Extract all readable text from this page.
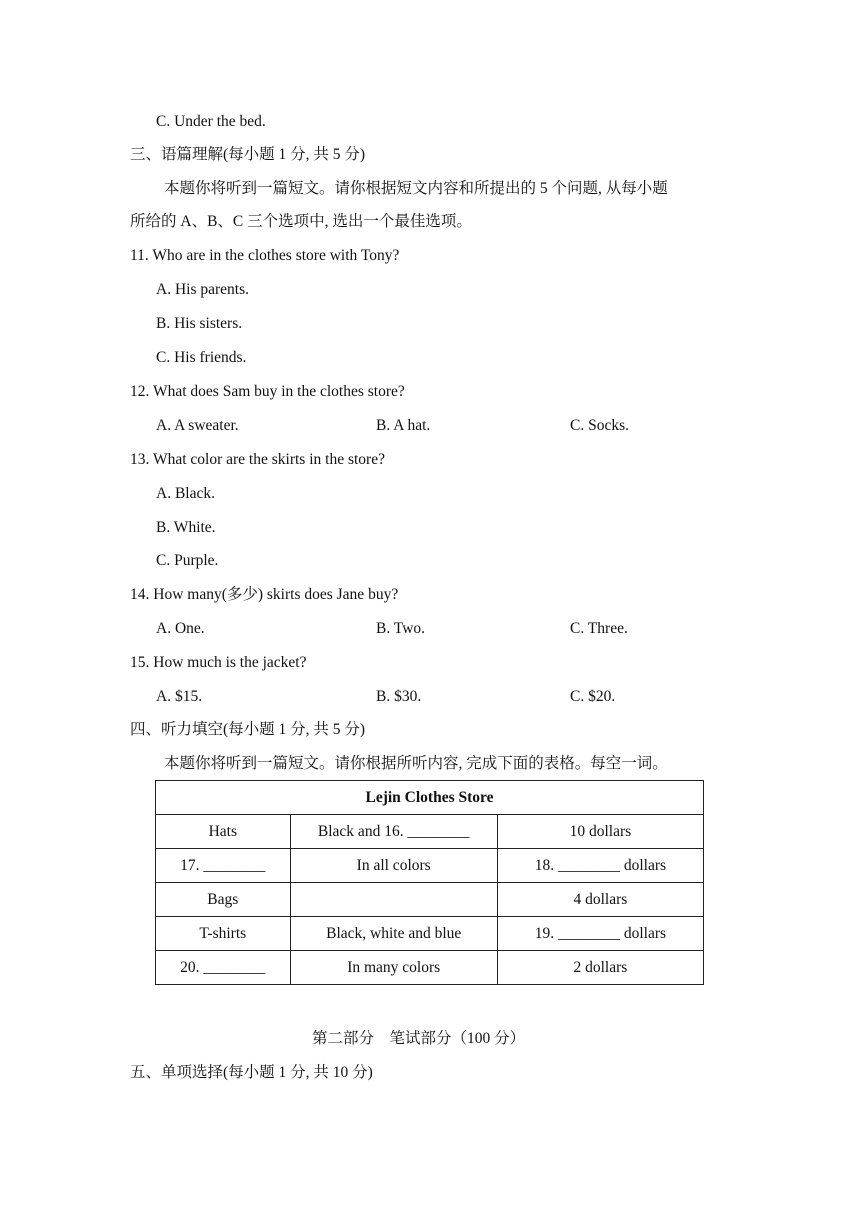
C. Under the bed.
三、语篇理解(每小题 1 分, 共 5 分)
本题你将听到一篇短文。请你根据短文内容和所提出的 5 个问题, 从每小题
所给的 A、B、C 三个选项中, 选出一个最佳选项。
11. Who are in the clothes store with Tony?
A. His parents.
B. His sisters.
C. His friends.
12. What does Sam buy in the clothes store?
A. A sweater.	B. A hat.	C. Socks.
13. What color are the skirts in the store?
A. Black.
B. White.
C. Purple.
14. How many(多少) skirts does Jane buy?
A. One.	B. Two.	C. Three.
15. How much is the jacket?
A. $15.	B. $30.	C. $20.
四、听力填空(每小题 1 分, 共 5 分)
本题你将听到一篇短文。请你根据所听内容, 完成下面的表格。每空一词。
Lejin Clothes Store		
Hats	Black and 16. ________	10 dollars
17. ________	In all colors	18. ________ dollars
Bags		4 dollars
T-shirts	Black, white and blue	19. ________ dollars
20. ________	In many colors	2 dollars
第二部分　笔试部分（100 分）
五、单项选择(每小题 1 分, 共 10 分)
